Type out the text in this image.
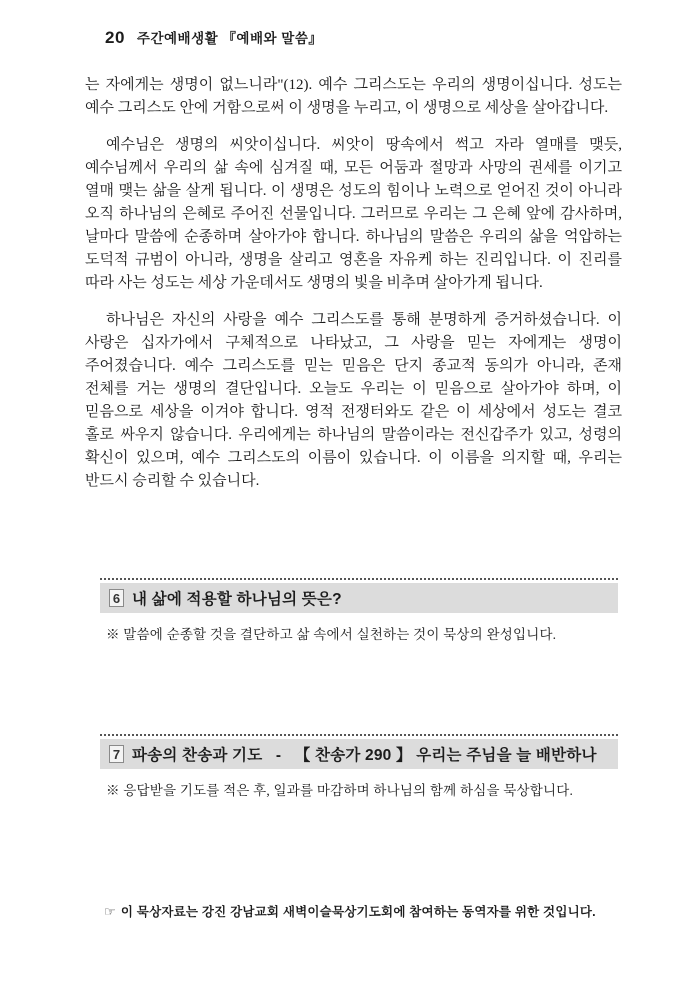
20 주간예배생활 『예배와 말씀』

는 자에게는 생명이 없느니라"(12). 예수 그리스도는 우리의 생명이십니다. 성도는 예수 그리스도 안에 거함으로써 이 생명을 누리고, 이 생명으로 세상을 살아갑니다.

예수님은 생명의 씨앗이십니다. 씨앗이 땅속에서 썩고 자라 열매를 맺듯, 예수님께서 우리의 삶 속에 심겨질 때, 모든 어둠과 절망과 사망의 권세를 이기고 열매 맺는 삶을 살게 됩니다. 이 생명은 성도의 힘이나 노력으로 얻어진 것이 아니라 오직 하나님의 은혜로 주어진 선물입니다. 그러므로 우리는 그 은혜 앞에 감사하며, 날마다 말씀에 순종하며 살아가야 합니다. 하나님의 말씀은 우리의 삶을 억압하는 도덕적 규범이 아니라, 생명을 살리고 영혼을 자유케 하는 진리입니다. 이 진리를 따라 사는 성도는 세상 가운데서도 생명의 빛을 비추며 살아가게 됩니다.

하나님은 자신의 사랑을 예수 그리스도를 통해 분명하게 증거하셨습니다. 이 사랑은 십자가에서 구체적으로 나타났고, 그 사랑을 믿는 자에게는 생명이 주어졌습니다. 예수 그리스도를 믿는 믿음은 단지 종교적 동의가 아니라, 존재 전체를 거는 생명의 결단입니다. 오늘도 우리는 이 믿음으로 살아가야 하며, 이 믿음으로 세상을 이겨야 합니다. 영적 전쟁터와도 같은 이 세상에서 성도는 결코 홀로 싸우지 않습니다. 우리에게는 하나님의 말씀이라는 전신갑주가 있고, 성령의 확신이 있으며, 예수 그리스도의 이름이 있습니다. 이 이름을 의지할 때, 우리는 반드시 승리할 수 있습니다.

6 내 삶에 적용할 하나님의 뜻은?

※ 말씀에 순종할 것을 결단하고 삶 속에서 실천하는 것이 묵상의 완성입니다.

7 파송의 찬송과 기도   -   【 찬송가 290 】 우리는 주님을 늘 배반하나

※ 응답받을 기도를 적은 후, 일과를 마감하며 하나님의 함께 하심을 묵상합니다.

☞ 이 묵상자료는 강진 강남교회 새벽이슬묵상기도회에 참여하는 동역자를 위한 것입니다.
